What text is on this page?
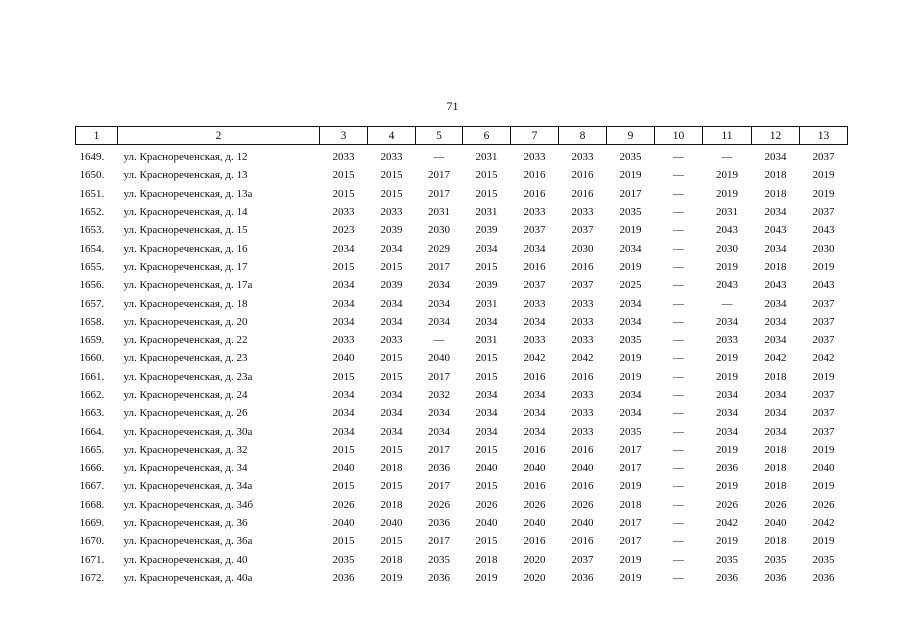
71
1	2	3	4	5	6	7	8	9	10	11	12	13
1649.	ул. Краснореченская, д. 12	2033	2033	—	2031	2033	2033	2035	—	—	2034	2037
1650.	ул. Краснореченская, д. 13	2015	2015	2017	2015	2016	2016	2019	—	2019	2018	2019
1651.	ул. Краснореченская, д. 13а	2015	2015	2017	2015	2016	2016	2017	—	2019	2018	2019
1652.	ул. Краснореченская, д. 14	2033	2033	2031	2031	2033	2033	2035	—	2031	2034	2037
1653.	ул. Краснореченская, д. 15	2023	2039	2030	2039	2037	2037	2019	—	2043	2043	2043
1654.	ул. Краснореченская, д. 16	2034	2034	2029	2034	2034	2030	2034	—	2030	2034	2030
1655.	ул. Краснореченская, д. 17	2015	2015	2017	2015	2016	2016	2019	—	2019	2018	2019
1656.	ул. Краснореченская, д. 17а	2034	2039	2034	2039	2037	2037	2025	—	2043	2043	2043
1657.	ул. Краснореченская, д. 18	2034	2034	2034	2031	2033	2033	2034	—	—	2034	2037
1658.	ул. Краснореченская, д. 20	2034	2034	2034	2034	2034	2033	2034	—	2034	2034	2037
1659.	ул. Краснореченская, д. 22	2033	2033	—	2031	2033	2033	2035	—	2033	2034	2037
1660.	ул. Краснореченская, д. 23	2040	2015	2040	2015	2042	2042	2019	—	2019	2042	2042
1661.	ул. Краснореченская, д. 23а	2015	2015	2017	2015	2016	2016	2019	—	2019	2018	2019
1662.	ул. Краснореченская, д. 24	2034	2034	2032	2034	2034	2033	2034	—	2034	2034	2037
1663.	ул. Краснореченская, д. 26	2034	2034	2034	2034	2034	2033	2034	—	2034	2034	2037
1664.	ул. Краснореченская, д. 30а	2034	2034	2034	2034	2034	2033	2035	—	2034	2034	2037
1665.	ул. Краснореченская, д. 32	2015	2015	2017	2015	2016	2016	2017	—	2019	2018	2019
1666.	ул. Краснореченская, д. 34	2040	2018	2036	2040	2040	2040	2017	—	2036	2018	2040
1667.	ул. Краснореченская, д. 34а	2015	2015	2017	2015	2016	2016	2019	—	2019	2018	2019
1668.	ул. Краснореченская, д. 34б	2026	2018	2026	2026	2026	2026	2018	—	2026	2026	2026
1669.	ул. Краснореченская, д. 36	2040	2040	2036	2040	2040	2040	2017	—	2042	2040	2042
1670.	ул. Краснореченская, д. 36а	2015	2015	2017	2015	2016	2016	2017	—	2019	2018	2019
1671.	ул. Краснореченская, д. 40	2035	2018	2035	2018	2020	2037	2019	—	2035	2035	2035
1672.	ул. Краснореченская, д. 40а	2036	2019	2036	2019	2020	2036	2019	—	2036	2036	2036
